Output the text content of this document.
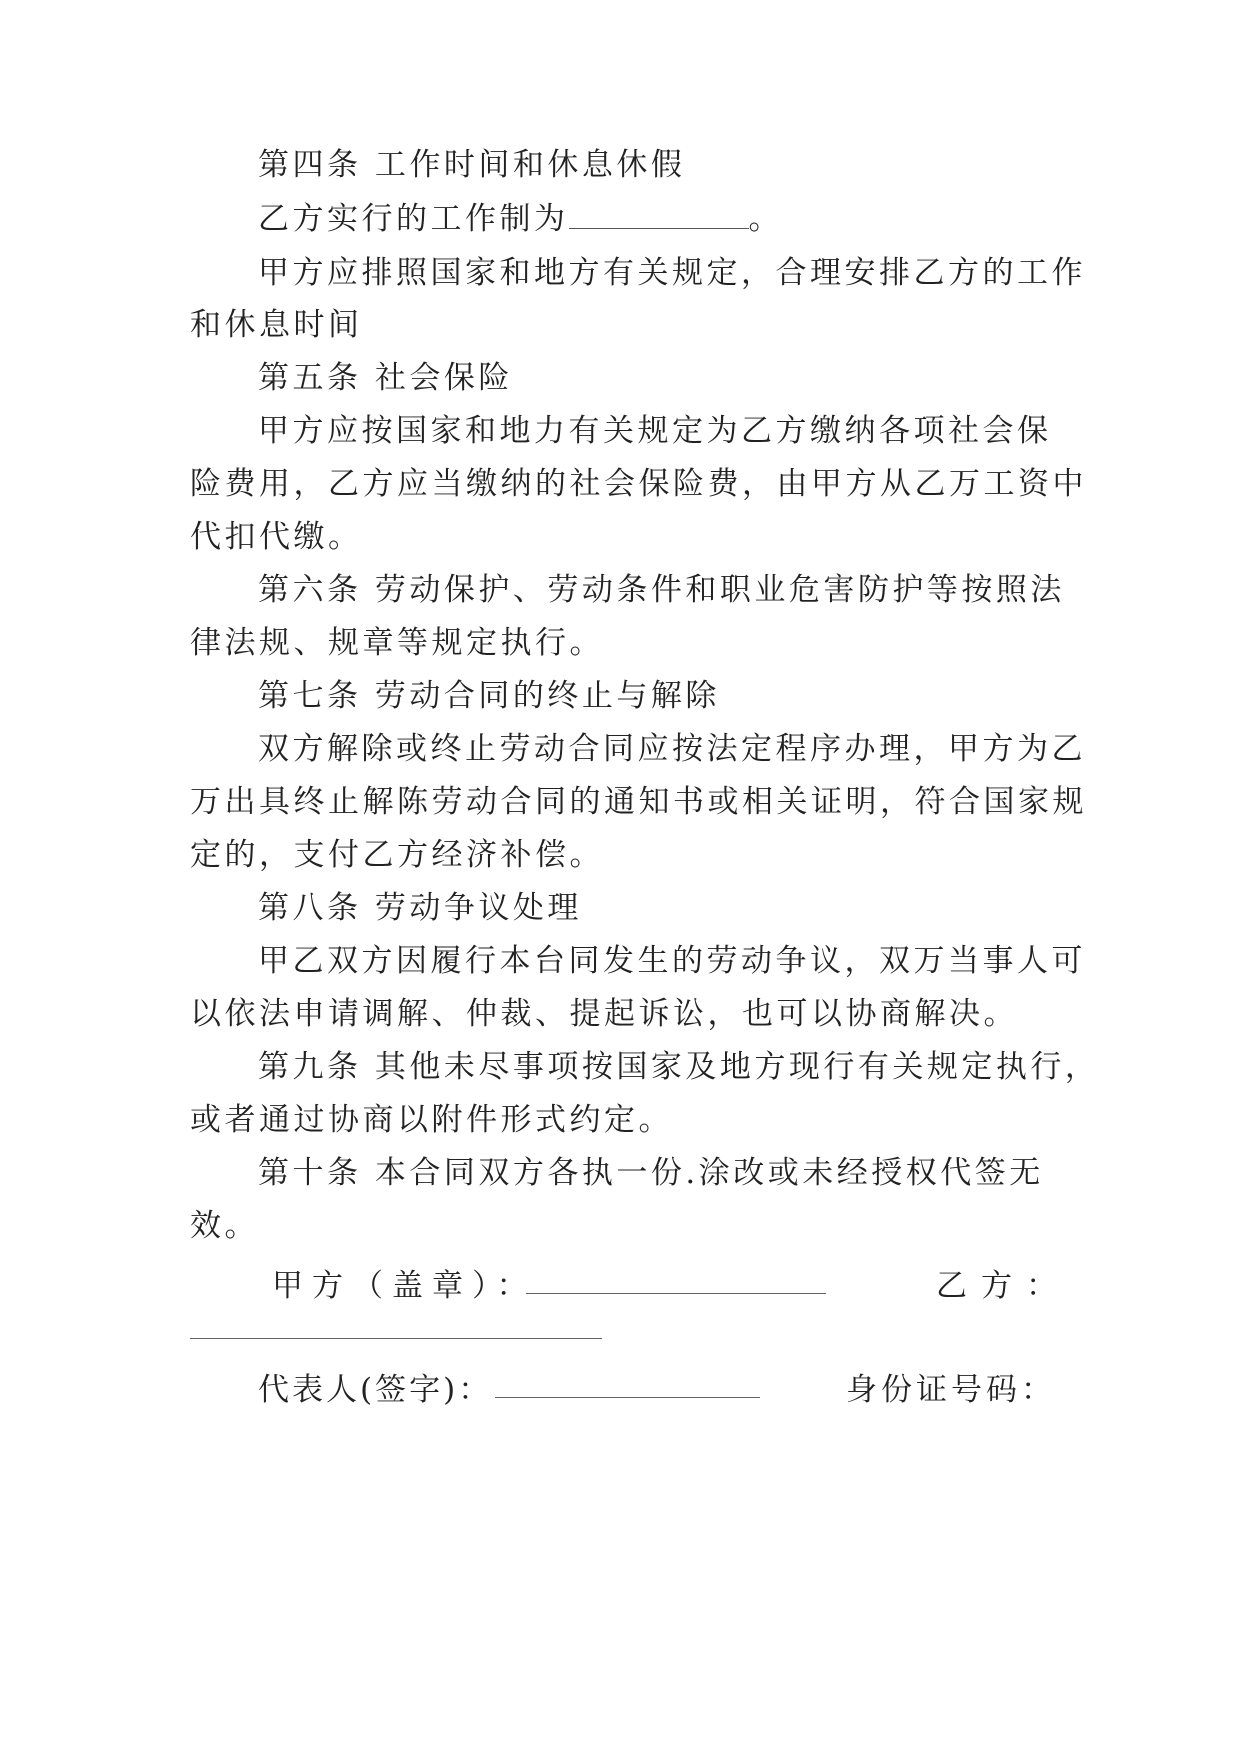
第四条 工作时间和休息休假
乙方实行的工作制为	。
甲方应排照国家和地方有关规定，合理安排乙方的工作
和休息时间
第五条 社会保险
甲方应按国家和地力有关规定为乙方缴纳各项社会保
险费用，乙方应当缴纳的社会保险费，由甲方从乙万工资中
代扣代缴。
第六条 劳动保护、劳动条件和职业危害防护等按照法
律法规、规章等规定执行。
第七条 劳动合同的终止与解除
双方解除或终止劳动合同应按法定程序办理，甲方为乙
万出具终止解陈劳动合同的通知书或相关证明，符合国家规
定的，支付乙方经济补偿。
第八条 劳动争议处理
甲乙双方因履行本台同发生的劳动争议，双万当事人可
以依法申请调解、仲裁、提起诉讼，也可以协商解决。
第九条 其他未尽事项按国家及地方现行有关规定执行，
或者通过协商以附件形式约定。
第十条 本合同双方各执一份.涂改或未经授权代签无
效。
甲方（盖章）：	乙方：
代表人(签字)：	身份证号码：
